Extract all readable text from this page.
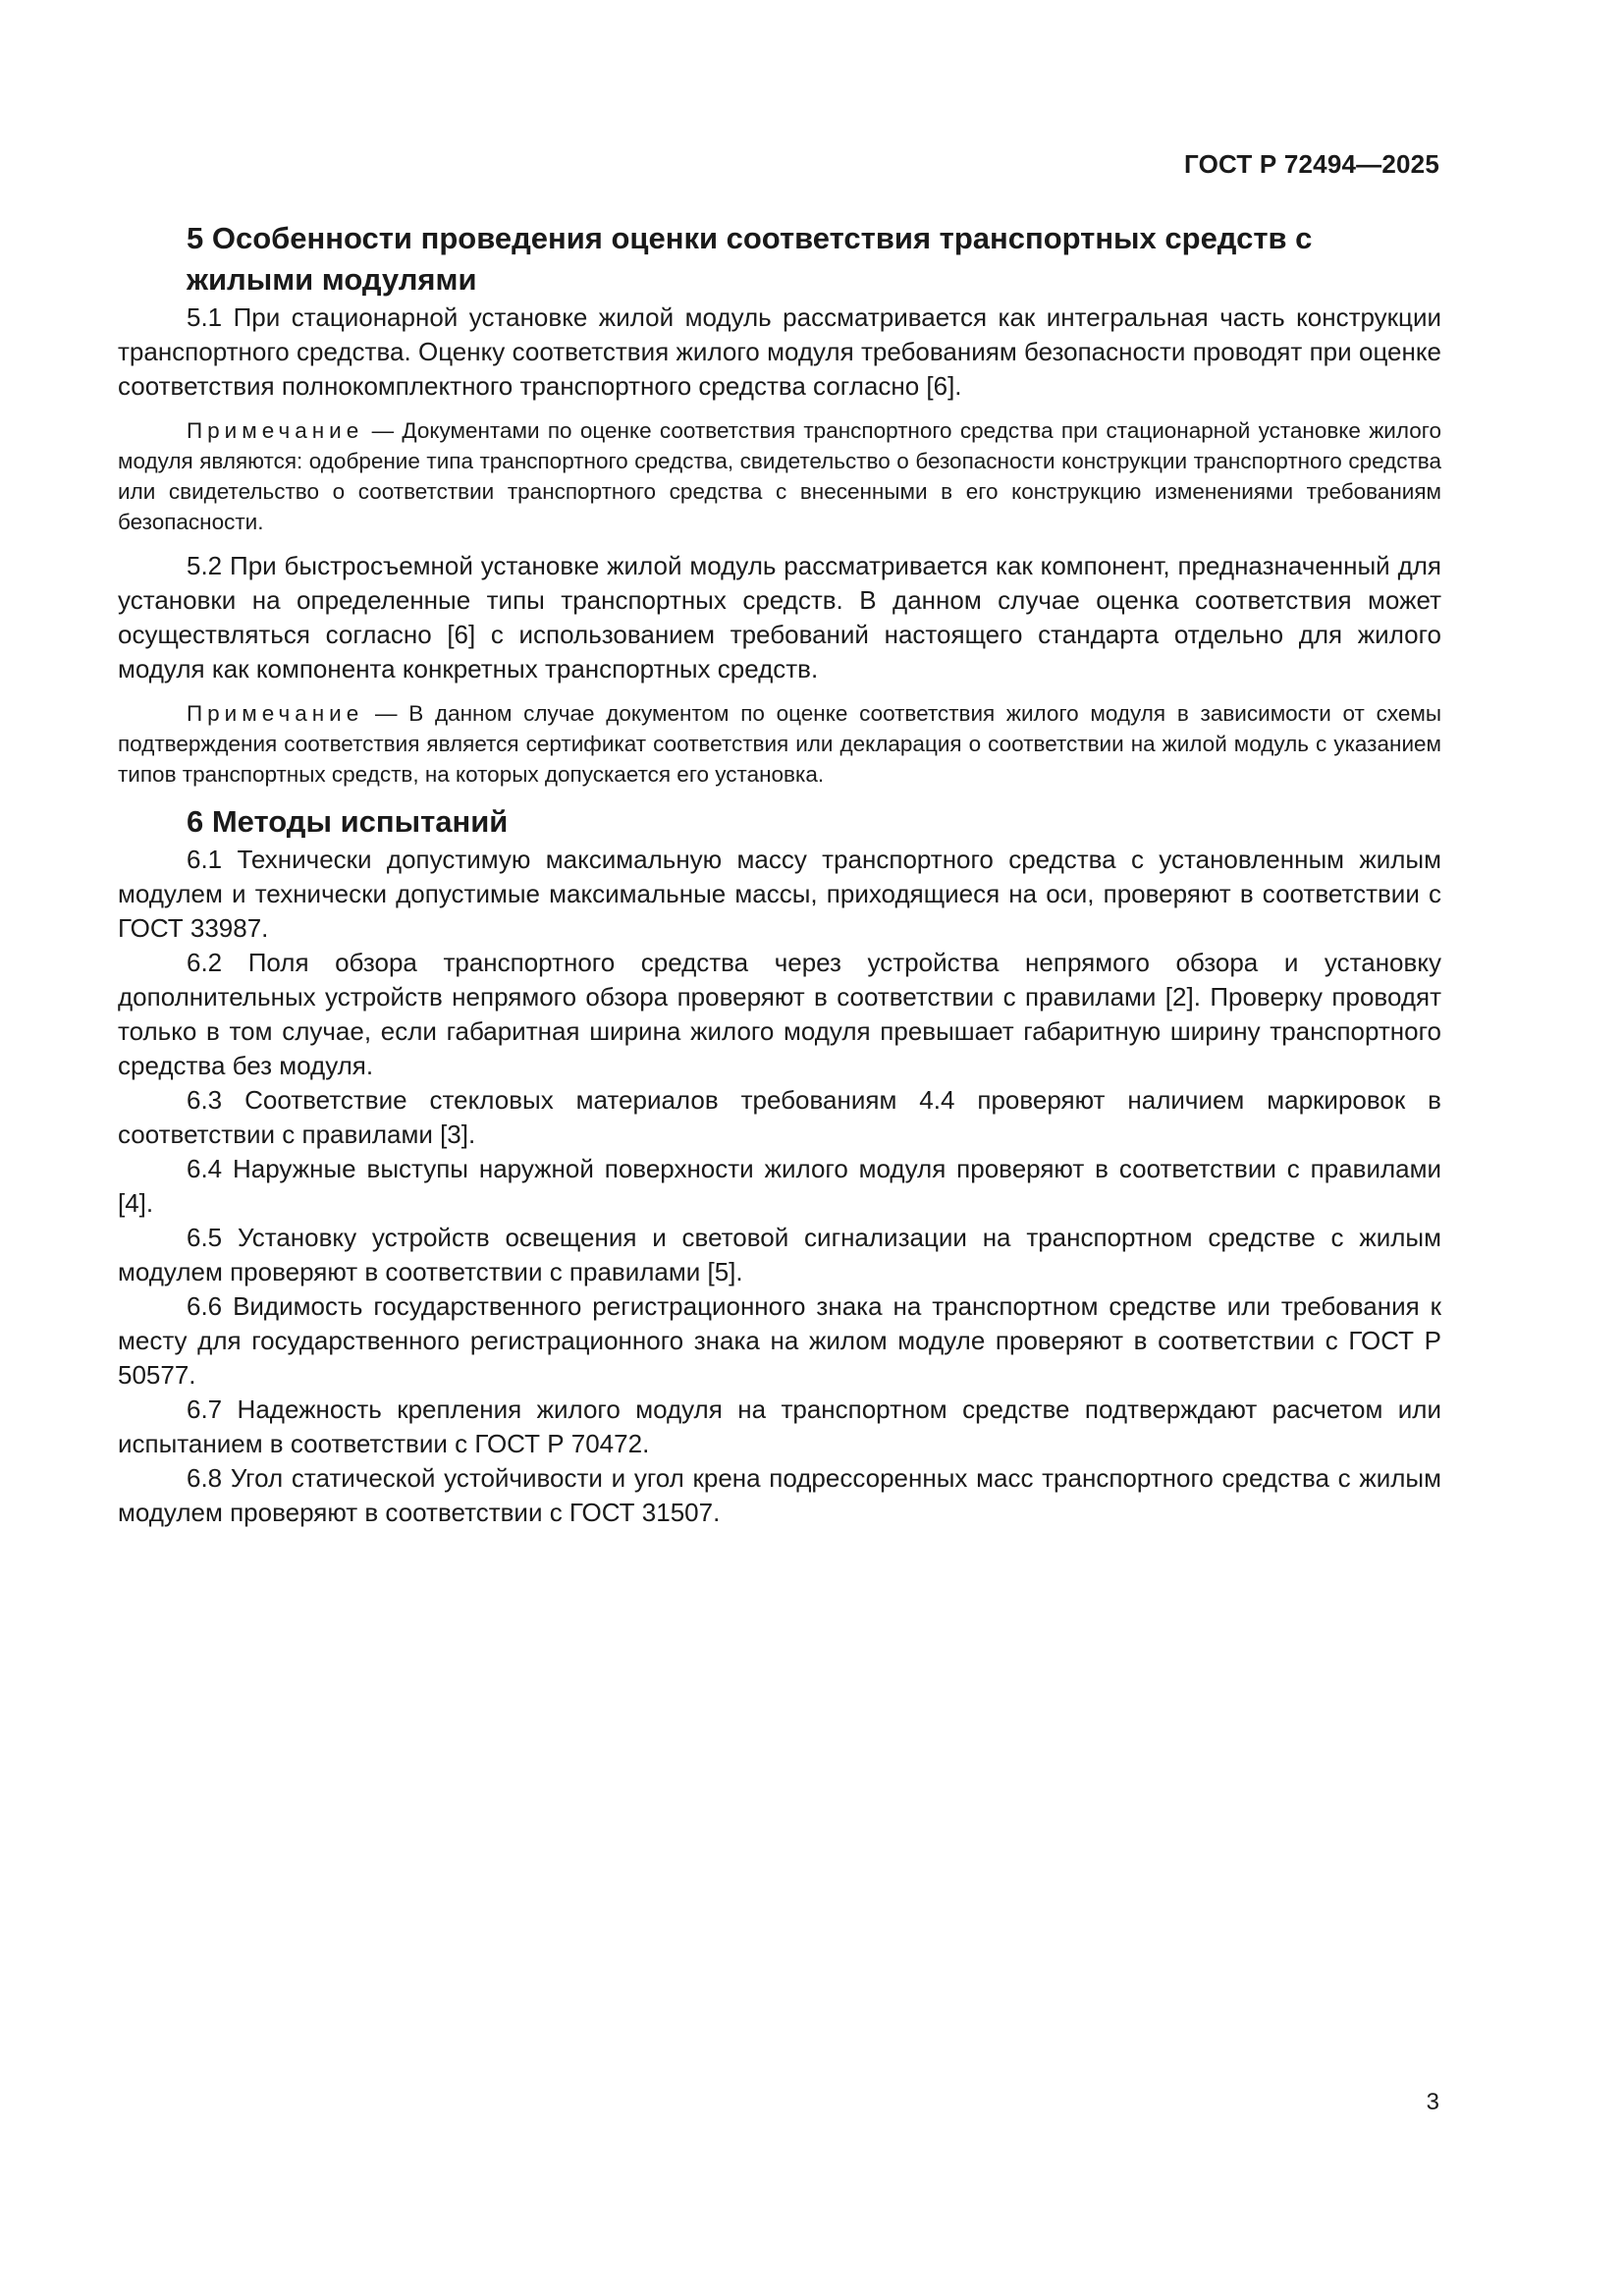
ГОСТ Р 72494—2025
5 Особенности проведения оценки соответствия транспортных средств с жилыми модулями

5.1 При стационарной установке жилой модуль рассматривается как интегральная часть конструкции транспортного средства. Оценку соответствия жилого модуля требованиям безопасности проводят при оценке соответствия полнокомплектного транспортного средства согласно [6].

Примечание — Документами по оценке соответствия транспортного средства при стационарной установке жилого модуля являются: одобрение типа транспортного средства, свидетельство о безопасности конструкции транспортного средства или свидетельство о соответствии транспортного средства с внесенными в его конструкцию изменениями требованиям безопасности.

5.2 При быстросъемной установке жилой модуль рассматривается как компонент, предназначенный для установки на определенные типы транспортных средств. В данном случае оценка соответствия может осуществляться согласно [6] с использованием требований настоящего стандарта отдельно для жилого модуля как компонента конкретных транспортных средств.

Примечание — В данном случае документом по оценке соответствия жилого модуля в зависимости от схемы подтверждения соответствия является сертификат соответствия или декларация о соответствии на жилой модуль с указанием типов транспортных средств, на которых допускается его установка.

6 Методы испытаний

6.1 Технически допустимую максимальную массу транспортного средства с установленным жилым модулем и технически допустимые максимальные массы, приходящиеся на оси, проверяют в соответствии с ГОСТ 33987.

6.2 Поля обзора транспортного средства через устройства непрямого обзора и установку дополнительных устройств непрямого обзора проверяют в соответствии с правилами [2]. Проверку проводят только в том случае, если габаритная ширина жилого модуля превышает габаритную ширину транспортного средства без модуля.

6.3 Соответствие стекловых материалов требованиям 4.4 проверяют наличием маркировок в соответствии с правилами [3].

6.4 Наружные выступы наружной поверхности жилого модуля проверяют в соответствии с правилами [4].

6.5 Установку устройств освещения и световой сигнализации на транспортном средстве с жилым модулем проверяют в соответствии с правилами [5].

6.6 Видимость государственного регистрационного знака на транспортном средстве или требования к месту для государственного регистрационного знака на жилом модуле проверяют в соответствии с ГОСТ Р 50577.

6.7 Надежность крепления жилого модуля на транспортном средстве подтверждают расчетом или испытанием в соответствии с ГОСТ Р 70472.

6.8 Угол статической устойчивости и угол крена подрессоренных масс транспортного средства с жилым модулем проверяют в соответствии с ГОСТ 31507.

3
